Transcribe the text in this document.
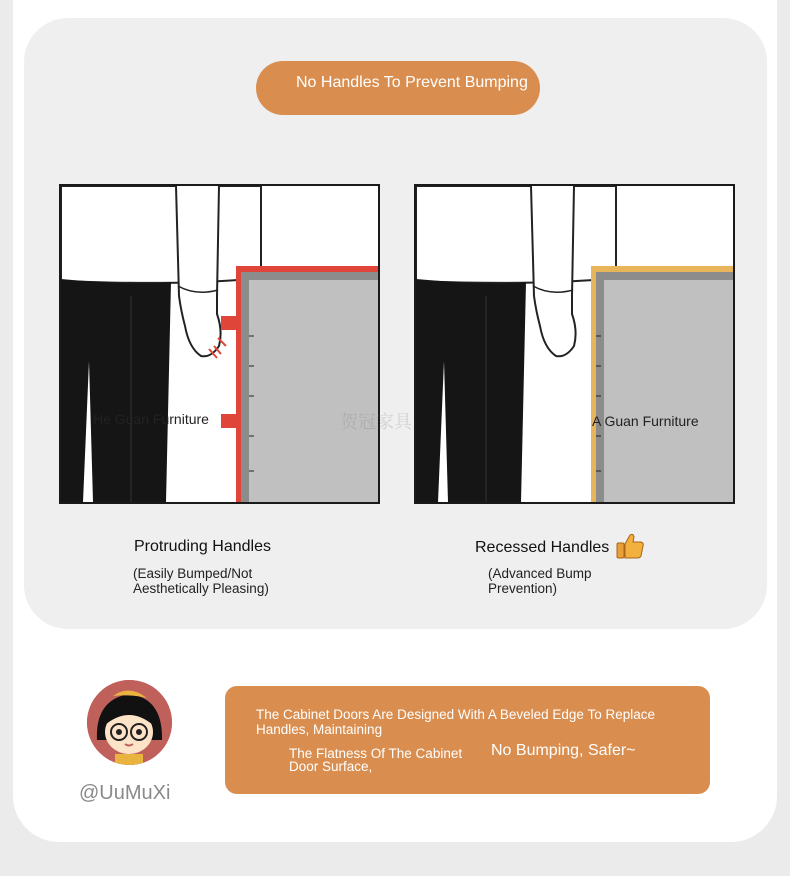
No Handles To Prevent Bumping
He Guan Furniture	A Guan Furniture
贺冠家具
Protruding Handles
(Easily Bumped/Not Aesthetically Pleasing)
Recessed Handles
(Advanced Bump Prevention)
@UuMuXi
The Cabinet Doors Are Designed With A Beveled Edge To Replace Handles, Maintaining
The Flatness Of The Cabinet Door Surface,
No Bumping, Safer~
